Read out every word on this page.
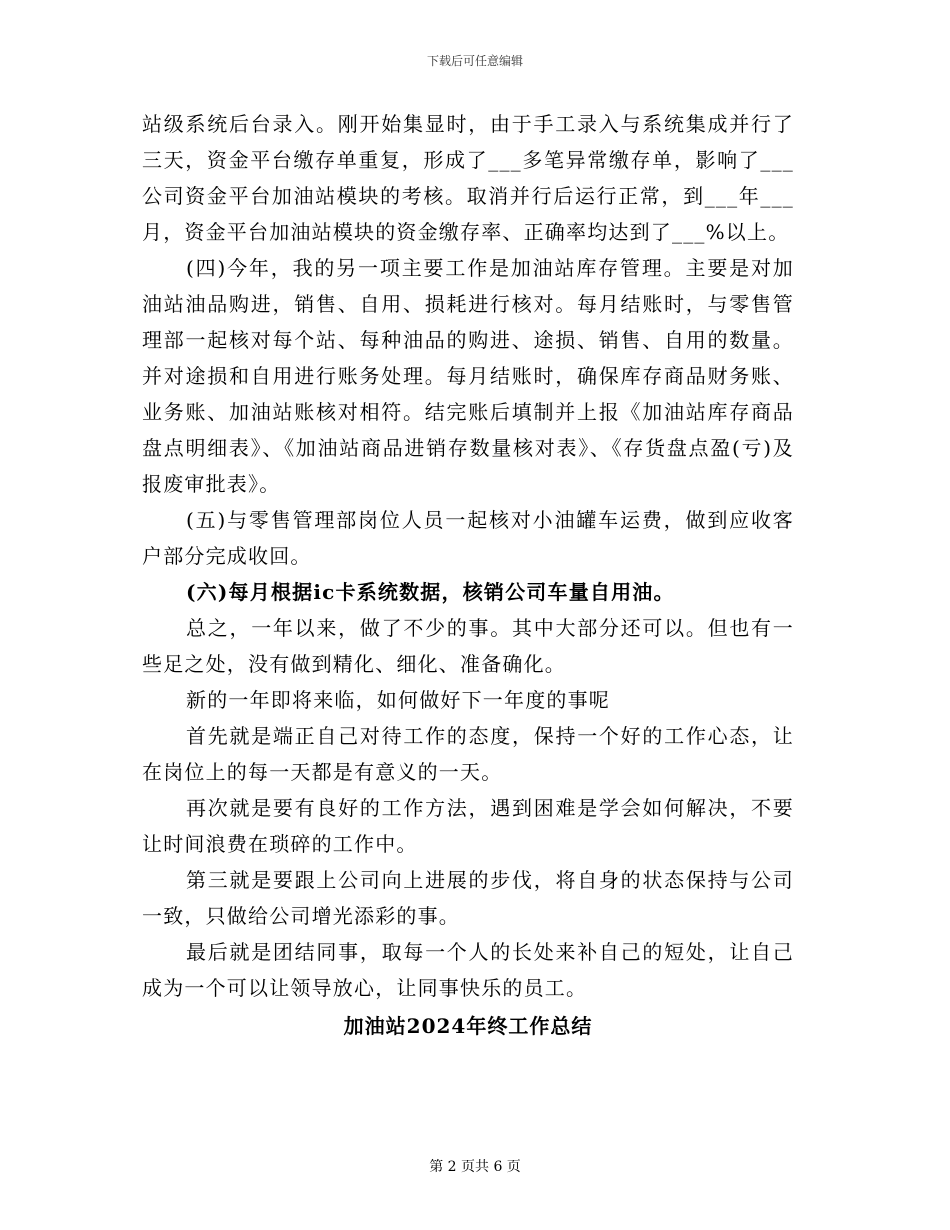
下载后可任意编辑

站级系统后台录入。刚开始集显时，由于手工录入与系统集成并行了三天，资金平台缴存单重复，形成了___多笔异常缴存单，影响了___公司资金平台加油站模块的考核。取消并行后运行正常，到___年___月，资金平台加油站模块的资金缴存率、正确率均达到了___%以上。

(四)今年，我的另一项主要工作是加油站库存管理。主要是对加油站油品购进，销售、自用、损耗进行核对。每月结账时，与零售管理部一起核对每个站、每种油品的购进、途损、销售、自用的数量。并对途损和自用进行账务处理。每月结账时，确保库存商品财务账、业务账、加油站账核对相符。结完账后填制并上报《加油站库存商品盘点明细表》、《加油站商品进销存数量核对表》、《存货盘点盈(亏)及报废审批表》。

(五)与零售管理部岗位人员一起核对小油罐车运费，做到应收客户部分完成收回。

(六)每月根据ic卡系统数据，核销公司车量自用油。

总之，一年以来，做了不少的事。其中大部分还可以。但也有一些足之处，没有做到精化、细化、准备确化。

新的一年即将来临，如何做好下一年度的事呢

首先就是端正自己对待工作的态度，保持一个好的工作心态，让在岗位上的每一天都是有意义的一天。

再次就是要有良好的工作方法，遇到困难是学会如何解决，不要让时间浪费在琐碎的工作中。

第三就是要跟上公司向上进展的步伐，将自身的状态保持与公司一致，只做给公司增光添彩的事。

最后就是团结同事，取每一个人的长处来补自己的短处，让自己成为一个可以让领导放心，让同事快乐的员工。

加油站2024年终工作总结
第 2 页共 6 页
